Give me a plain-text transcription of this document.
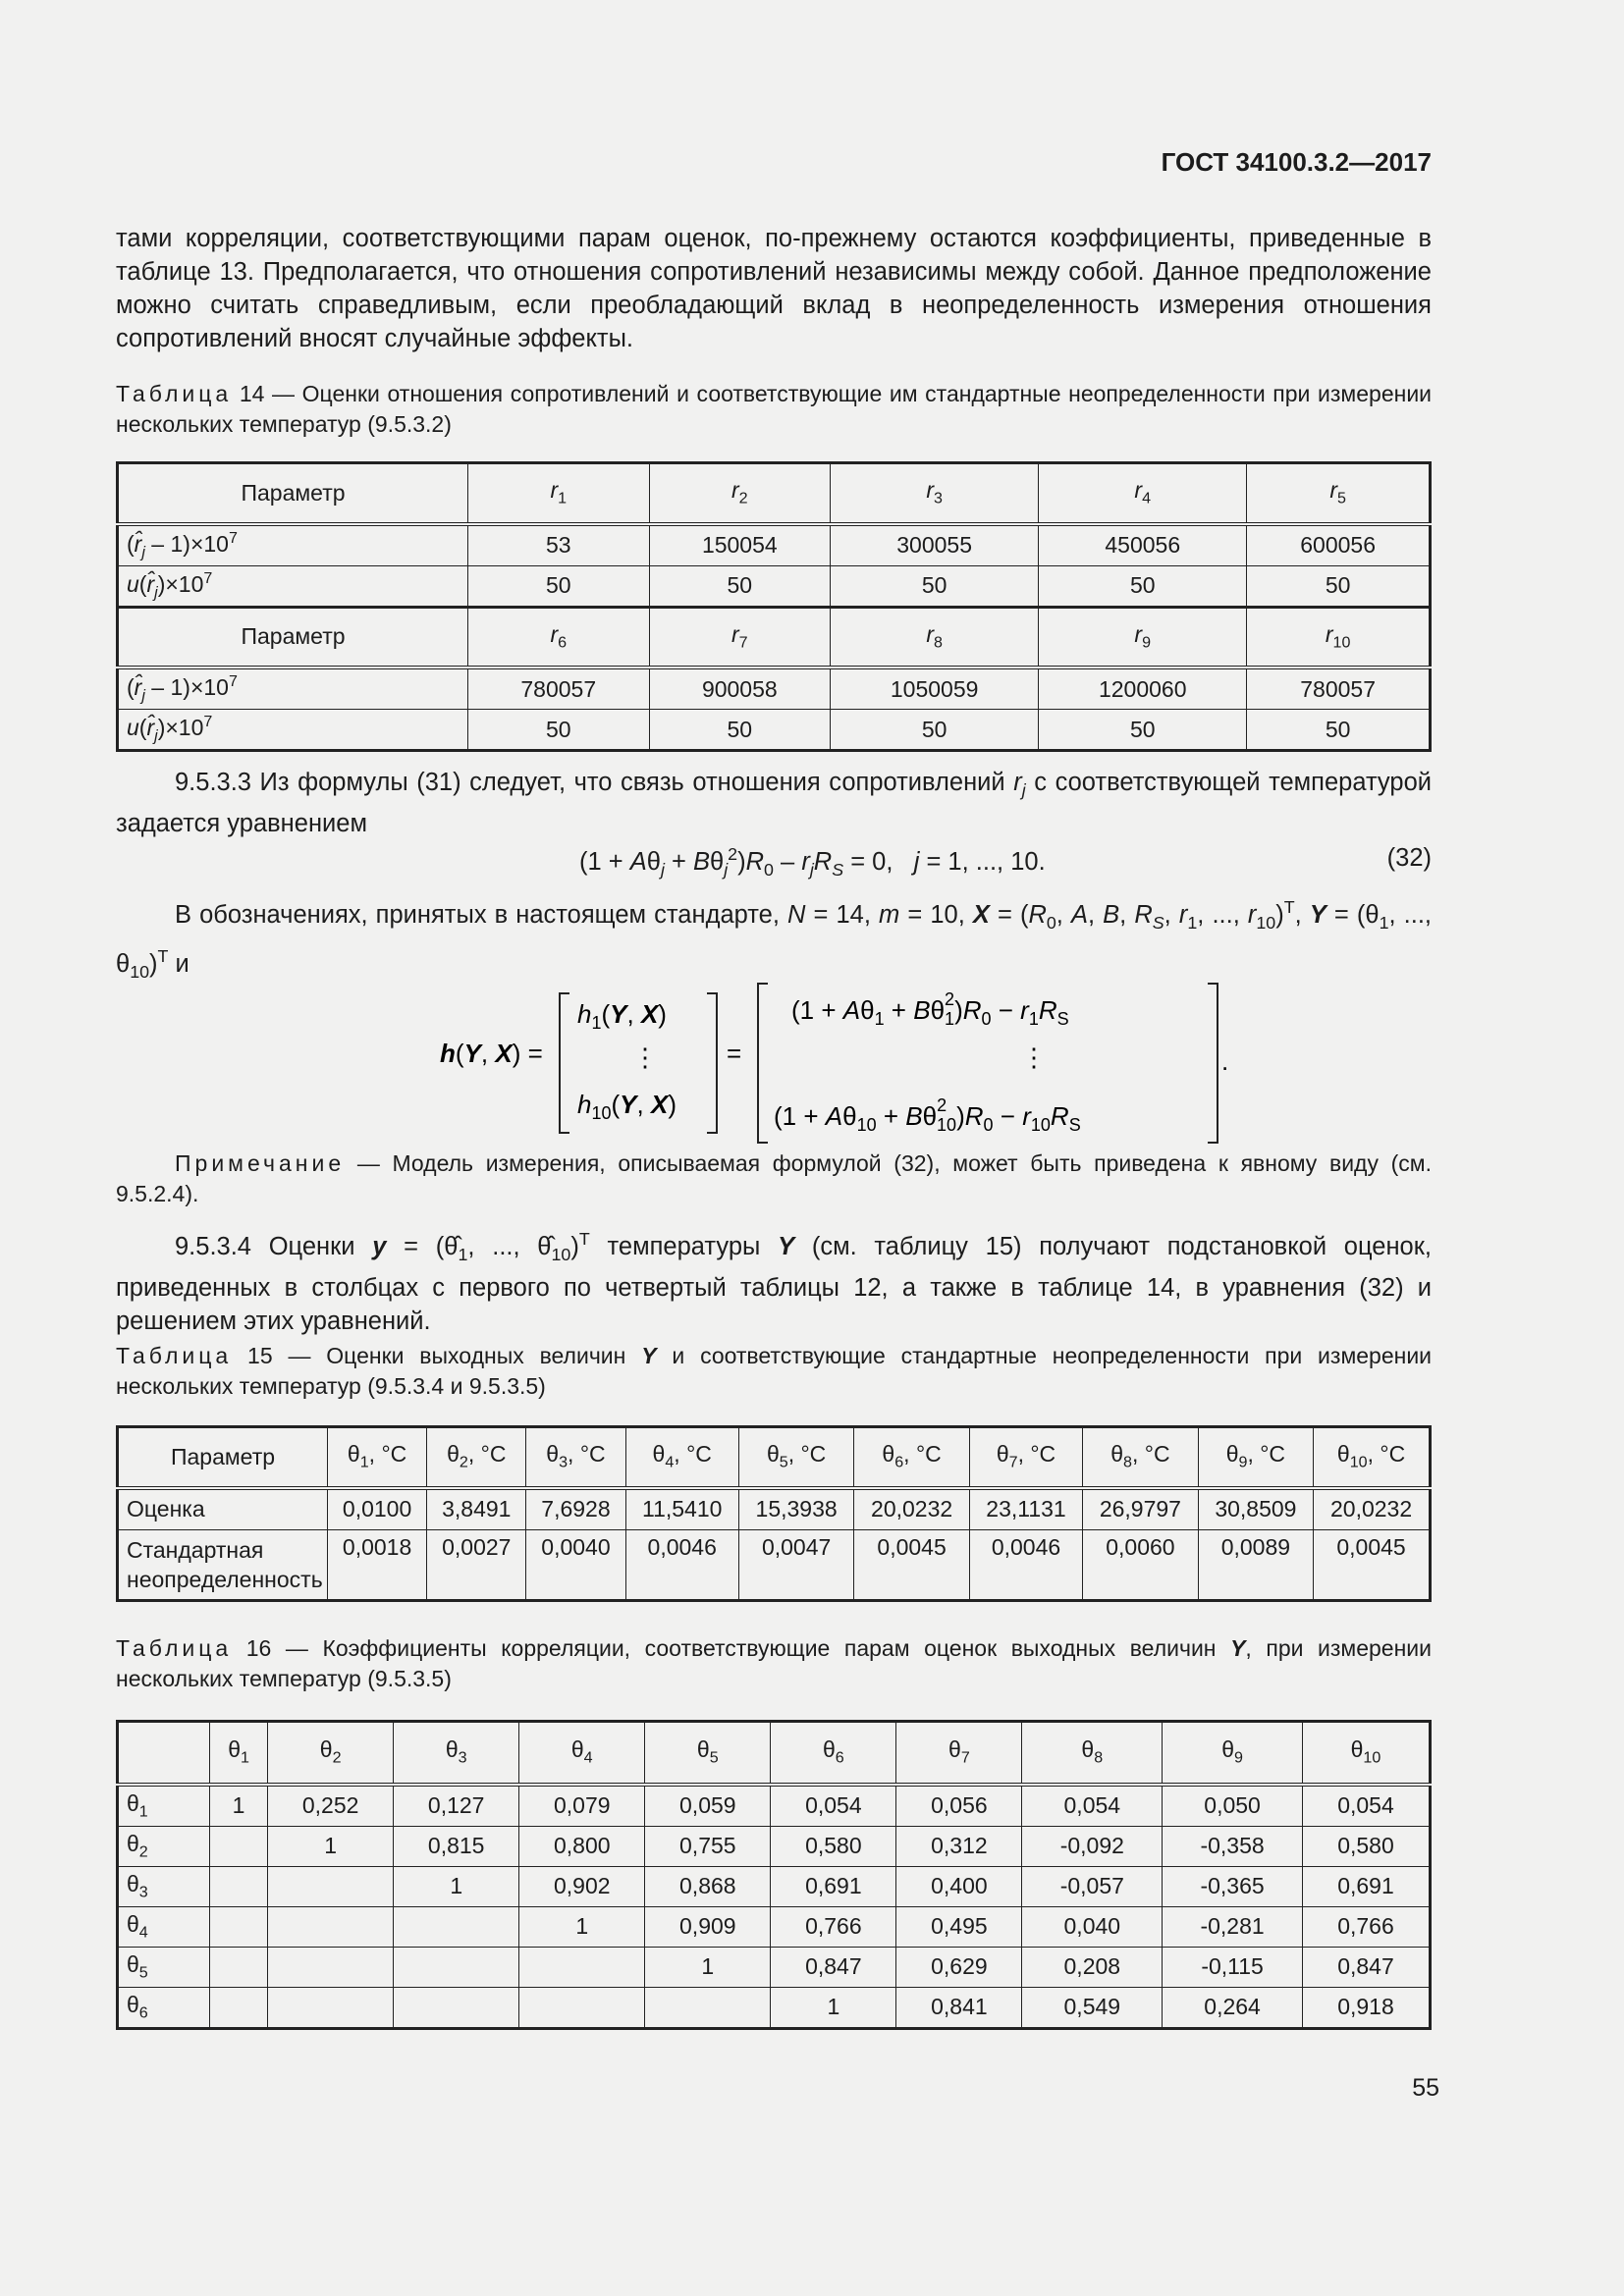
ГОСТ 34100.3.2—2017

тами корреляции, соответствующими парам оценок, по-прежнему остаются коэффициенты, приведенные в таблице 13. Предполагается, что отношения сопротивлений независимы между собой. Данное предположение можно считать справедливым, если преобладающий вклад в неопределенность измерения отношения сопротивлений вносят случайные эффекты.

Таблица 14 — Оценки отношения сопротивлений и соответствующие им стандартные неопределенности при измерении нескольких температур (9.5.3.2)
Параметр	$r_1$	$r_2$	$r_3$	$r_4$	$r_5$
$(r̂_j - 1)\times 10^7$	53	150054	300055	450056	600056
$u(r̂_j)\times 10^7$	50	50	50	50	50
Параметр	$r_6$	$r_7$	$r_8$	$r_9$	$r_{10}$
$(r̂_j - 1)\times 10^7$	780057	900058	1050059	1200060	780057
$u(r̂_j)\times 10^7$	50	50	50	50	50

9.5.3.3 Из формулы (31) следует, что связь отношения сопротивлений $r_j$ с соответствующей температурой задается уравнением

$(1 + A\theta_j + B\theta_j^2)R_0 - r_jR_S = 0$,   j = 1, ..., 10.	(32)

В обозначениях, принятых в настоящем стандарте, N = 14, m = 10, $X = (R_0$, A, B, $R_S$, $r_1$, ..., $r_{10})^T$, $Y = (\theta_1$, ..., $\theta_{10})^T$ и

h(Y, X) =
$h_1(Y$, X)
⋮
$h_{10}(Y$, X)
=
$(1 + A\theta_1 + B\theta_12)R_0 - r_1R_S$
⋮
($1 + A\theta_{10} + B\theta_{10}2$ )$R_0 - r_{10}R_S$
.
Примечание — Модель измерения, описываемая формулой (32), может быть приведена к явному виду (см. 9.5.2.4).

9.5.3.4 Оценки $y = (\thetâ_1$, ..., $\thetâ_{10})^T$ температуры Y (см. таблицу 15) получают подстановкой оценок, приведенных в столбцах с первого по четвертый таблицы 12, а также в таблице 14, в уравнения (32) и решением этих уравнений.

Таблица 15 — Оценки выходных величин Y и соответствующие стандартные неопределенности при измерении нескольких температур (9.5.3.4 и 9.5.3.5)
Параметр	$\theta_1$, °С	$\theta_2$, °С	$\theta_3$, °С	$\theta_4$, °С	$\theta_5$, °С	$\theta_6$, °С	$\theta_7$, °С	$\theta_8$, °С	$\theta_9$, °С	$\theta_{10}$, °С
Оценка	0,0100	3,8491	7,6928	11,5410	15,3938	20,0232	23,1131	26,9797	30,8509	20,0232
Стандартная неопределенность	0,0018	0,0027	0,0040	0,0046	0,0047	0,0045	0,0046	0,0060	0,0089	0,0045
Таблица 16 — Коэффициенты корреляции, соответствующие парам оценок выходных величин Y, при измерении нескольких температур (9.5.3.5)
	$\theta_1$	$\theta_2$	$\theta_3$	$\theta_4$	$\theta_5$	$\theta_6$	$\theta_7$	$\theta_8$	$\theta_9$	$\theta_{10}$
$\theta_1$	1	0,252	0,127	0,079	0,059	0,054	0,056	0,054	0,050	0,054
$\theta_2$		1	0,815	0,800	0,755	0,580	0,312	-0,092	-0,358	0,580
$\theta_3$			1	0,902	0,868	0,691	0,400	-0,057	-0,365	0,691
$\theta_4$				1	0,909	0,766	0,495	0,040	-0,281	0,766
$\theta_5$					1	0,847	0,629	0,208	-0,115	0,847
$\theta_6$						1	0,841	0,549	0,264	0,918
55
